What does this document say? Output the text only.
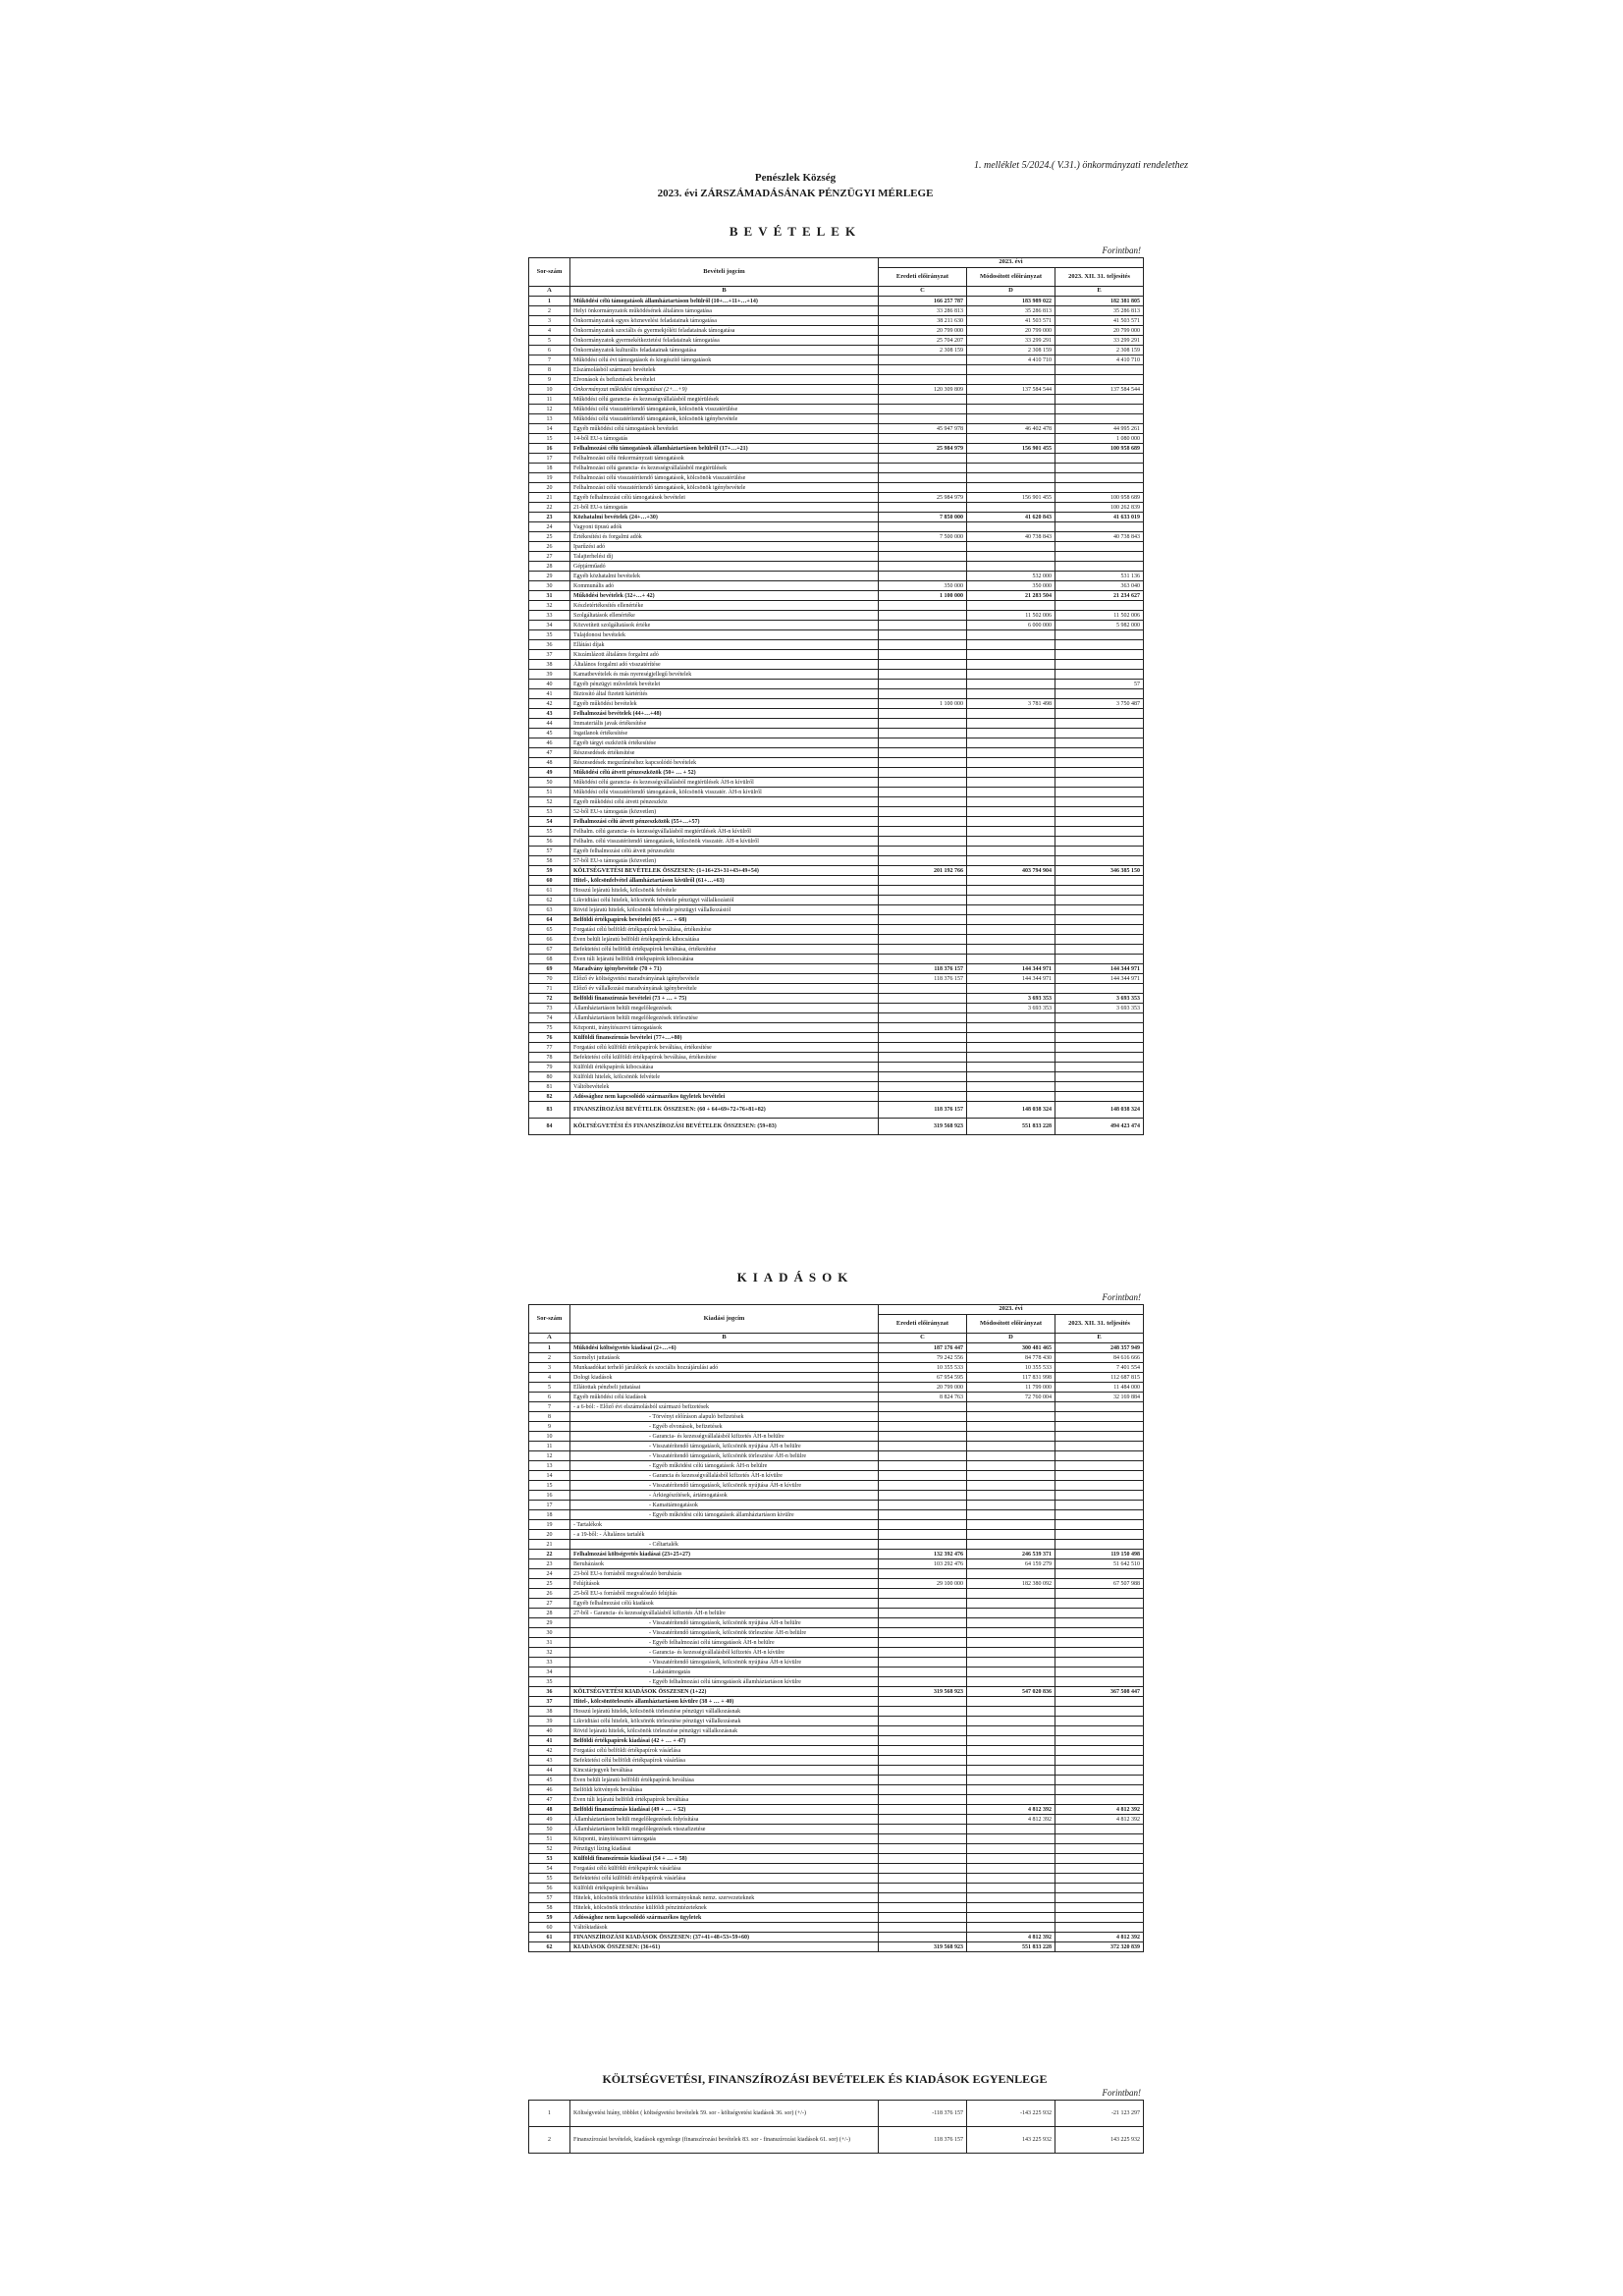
1. melléklet 5/2024.( V.31.) önkormányzati rendelethez
Penészlek Község
2023. évi ZÁRSZÁMADÁSÁNAK PÉNZÜGYI MÉRLEGE
BEVÉTELEK
Forintban!
Sor-szám	Bevételi jogcím	2023. évi		
		Eredeti előirányzat	Módosított előirányzat	2023. XII. 31. teljesítés
A	B	C	D	E
1	Működési célú támogatások államháztartáson belülről (10+…+11+…+14)	166 257 787	183 989 022	182 381 805
2	Helyi önkormányzatok működésének általános támogatása	33 286 813	35 286 813	35 286 813
3	Önkormányzatok egyes köznevelési feladatainak támogatása	38 211 630	41 503 571	41 503 571
4	Önkormányzatok szociális és gyermekjóléti feladatainak támogatása	20 799 000	20 799 000	20 799 000
5	Önkormányzatok gyermekétkeztetési feladatainak támogatása	25 704 207	33 299 291	33 299 291
6	Önkormányzatok kulturális feladatainak támogatása	2 308 159	2 308 159	2 308 159
7	Működési célú évi támogatások és kiegészítő támogatások		4 410 710	4 410 710
8	Elszámolásból származó bevételek			
9	Elvonások és befizetések bevételei			
10	Önkormányzat működési támogatásai (2+…+9)	120 309 809	137 584 544	137 584 544
11	Működési célú garancia- és kezességvállalásból megtérülések			
12	Működési célú visszatérítendő támogatások, kölcsönök visszatérülése			
13	Működési célú visszatérítendő támogatások, kölcsönök igénybevétele			
14	Egyéb működési célú támogatások bevételei	45 947 978	46 402 478	44 995 261
15	14-ből EU-s támogatás			1 080 000
16	Felhalmozási célú támogatások államháztartáson belülről (17+…+21)	25 984 979	156 901 455	100 958 689
17	Felhalmozási célú önkormányzati támogatások			
18	Felhalmozási célú garancia- és kezességvállalásból megtérülések			
19	Felhalmozási célú visszatérítendő támogatások, kölcsönök visszatérülése			
20	Felhalmozási célú visszatérítendő támogatások, kölcsönök igénybevétele			
21	Egyéb felhalmozási célú támogatások bevételei	25 984 979	156 901 455	100 958 689
22	21-ből EU-s támogatás			100 262 839
23	Közhatalmi bevételek (24+…+30)	7 850 000	41 620 843	41 633 019
24	Vagyoni tipusú adók			
25	Értékesítési és forgalmi adók	7 500 000	40 738 843	40 738 843
26	Iparűzési adó			
27	Talajterhelési díj			
28	Gépjárműadó			
29	Egyéb közhatalmi bevételek		532 000	531 136
30	Kommunális adó	350 000	350 000	363 040
31	Működési bevételek (32+…+ 42)	1 100 000	21 283 504	21 234 627
32	Készletértékesítés ellenértéke			
33	Szolgáltatások ellenértéke		11 502 006	11 502 006
34	Közvetített szolgáltatások értéke		6 000 000	5 982 000
35	Tulajdonosi bevételek			
36	Ellátási díjak			
37	Kiszámlázott általános forgalmi adó			
38	Általános forgalmi adó visszatérítése			
39	Kamatbevételek és más nyereségjellegű bevételek			
40	Egyéb pénzügyi műveletek bevételei			57
41	Biztosító által fizetett kártérítés			
42	Egyéb működési bevételek	1 100 000	3 781 498	3 750 487
43	Felhalmozási bevételek (44+…+48)			
44	Immateriális javak értékesítése			
45	Ingatlanok értékesítése			
46	Egyéb tárgyi eszközök értékesítése			
47	Részesedések értékesítése			
48	Részesedések megszűnéséhez kapcsolódó bevételek			
49	Működési célú átvett pénzeszközök (50+ … + 52)			
50	Működési célú garancia- és kezességvállalásból megtérülések ÁH-n kívülről			
51	Működési célú visszatérítendő támogatások, kölcsönök visszatér. ÁH-n kívülről			
52	Egyéb működési célú átvett pénzeszköz			
53	52-ből EU-s támogatás (közvetlen)			
54	Felhalmozási célú átvett pénzeszközök (55+…+57)			
55	Felhalm. célú garancia- és kezességvállalásból megtérülések ÁH-n kívülről			
56	Felhalm. célú visszatérítendő támogatások, kölcsönök visszatér. ÁH-n kívülről			
57	Egyéb felhalmozási célú átvett pénzeszköz			
58	57-ből EU-s támogatás (közvetlen)			
59	KÖLTSÉGVETÉSI BEVÉTELEK ÖSSZESEN: (1+16+23+31+43+49+54)	201 192 766	403 794 904	346 385 150
60	Hitel-, kölcsönfelvétel államháztartáson kívülről (61+…+63)			
61	Hosszú lejáratú hitelek, kölcsönök felvétele			
62	Likviditási célú hitelek, kölcsönök felvétele pénzügyi vállalkozástól			
63	Rövid lejáratú hitelek, kölcsönök felvétele pénzügyi vállalkozástól			
64	Belföldi értékpapírok bevételei (65 + … + 68)			
65	Forgatási célú belföldi értékpapírok beváltása, értékesítése			
66	Éven belüli lejáratú belföldi értékpapírok kibocsátása			
67	Befektetési célú belföldi értékpapírok beváltása, értékesítése			
68	Éven túli lejáratú belföldi értékpapírok kibocsátása			
69	Maradvány igénybevétele (70 + 71)	118 376 157	144 344 971	144 344 971
70	Előző év költségvetési maradványának igénybevétele	118 376 157	144 344 971	144 344 971
71	Előző év vállalkozási maradványának igénybevétele			
72	Belföldi finanszírozás bevételei (73 + … + 75)		3 693 353	3 693 353
73	Államháztartáson belüli megelőlegezések		3 693 353	3 693 353
74	Államháztartáson belüli megelőlegezések törlesztése			
75	Központi, irányítószervi támogatások			
76	Külföldi finanszírozás bevételei (77+…+80)			
77	Forgatási célú külföldi értékpapírok beváltása, értékesítése			
78	Befektetési célú külföldi értékpapírok beváltása, értékesítése			
79	Külföldi értékpapírok kibocsátása			
80	Külföldi hitelek, kölcsönök felvétele			
81	Váltóbevételek			
82	Adóssághoz nem kapcsolódó származékos ügyletek bevételei			
83	FINANSZÍROZÁSI BEVÉTELEK ÖSSZESEN: (60 + 64+69+72+76+81+82)	118 376 157	148 038 324	148 038 324
84	KÖLTSÉGVETÉSI ÉS FINANSZÍROZÁSI BEVÉTELEK ÖSSZESEN: (59+83)	319 568 923	551 833 228	494 423 474
KIADÁSOK
Forintban!
Sor-szám	Kiadási jogcím	2023. évi		
		Eredeti előirányzat	Módosított előirányzat	2023. XII. 31. teljesítés
A	B	C	D	E
1	Működési költségvetés kiadásai (2+…+6)	187 176 447	300 481 465	248 357 949
2	Személyi juttatások	79 242 556	84 778 430	84 616 666
3	Munkaadókat terhelő járulékok és szociális hozzájárulási adó	10 355 533	10 355 533	7 401 554
4	Dologi kiadások	67 954 595	117 831 998	112 687 815
5	Ellátottak pénzbeli juttatásai	20 799 000	11 799 000	11 484 000
6	Egyéb működési célú kiadások	8 824 763	72 760 004	32 169 884
7	- a 6-ból: - Előző évi elszámolásból származó befizetések			
8	- Törvényi előíráson alapuló befizetések			
9	- Egyéb elvonások, befizetések			
10	- Garancia- és kezességvállalásból kifizetés ÁH-n belülre			
11	- Visszatérítendő támogatások, kölcsönök nyújtása ÁH-n belülre			
12	- Visszatérítendő támogatások, kölcsönök törlesztése ÁH-n belülre			
13	- Egyéb működési célú támogatások ÁH-n belülre			
14	- Garancia és kezességvállalásból kifizetés ÁH-n kívülre			
15	- Visszatérítendő támogatások, kölcsönök nyújtása ÁH-n kívülre			
16	- Árkiegészítések, ártámogatások			
17	- Kamattámogatások			
18	- Egyéb működési célú támogatások államháztartáson kívülre			
19	- Tartalékok			
20	- a 19-ből: - Általános tartalék			
21	- Céltartalék			
22	Felhalmozási költségvetés kiadásai (23+25+27)	132 392 476	246 539 371	119 150 498
23	Beruházások	103 292 476	64 159 279	51 642 510
24	23-ból EU-s forrásból megvalósuló beruházás			
25	Felújítások	29 100 000	182 380 092	67 507 988
26	25-ből EU-s forrásból megvalósuló felújítás			
27	Egyéb felhalmozási célú kiadások			
28	27-ből - Garancia- és kezességvállalásból kifizetés ÁH-n belülre			
29	- Visszatérítendő támogatások, kölcsönök nyújtása ÁH-n belülre			
30	- Visszatérítendő támogatások, kölcsönök törlesztése ÁH-n belülre			
31	- Egyéb felhalmozási célú támogatások ÁH-n belülre			
32	- Garancia- és kezességvállalásból kifizetés ÁH-n kívülre			
33	- Visszatérítendő támogatások, kölcsönök nyújtása ÁH-n kívülre			
34	- Lakástámogatás			
35	- Egyéb felhalmozási célú támogatások államháztartáson kívülre			
36	KÖLTSÉGVETÉSI KIADÁSOK ÖSSZESEN (1+22)	319 568 923	547 020 836	367 508 447
37	Hitel-, kölcsöntörlesztés államháztartáson kívülre (38 + … + 40)			
38	Hosszú lejáratú hitelek, kölcsönök törlesztése pénzügyi vállalkozásnak			
39	Likviditási célú hitelek, kölcsönök törlesztése pénzügyi vállalkozásnak			
40	Rövid lejáratú hitelek, kölcsönök törlesztése pénzügyi vállalkozásnak			
41	Belföldi értékpapírok kiadásai (42 + … + 47)			
42	Forgatási célú belföldi értékpapírok vásárlása			
43	Befektetési célú belföldi értékpapírok vásárlása			
44	Kincstárjegyek beváltása			
45	Éven belüli lejáratú belföldi értékpapírok beváltása			
46	Belföldi kötvények beváltása			
47	Éven túli lejáratú belföldi értékpapírok beváltása			
48	Belföldi finanszírozás kiadásai (49 + … + 52)		4 812 392	4 812 392
49	Államháztartáson belüli megelőlegezések folyósítása		4 812 392	4 812 392
50	Államháztartáson belüli megelőlegezések visszafizetése			
51	Központi, irányítószervi támogatás			
52	Pénzügyi lízing kiadásai			
53	Külföldi finanszírozás kiadásai (54 + … + 58)			
54	Forgatási célú külföldi értékpapírok vásárlása			
55	Befektetési célú külföldi értékpapírok vásárlása			
56	Külföldi értékpapírok beváltása			
57	Hitelek, kölcsönök törlesztése külföldi kormányoknak nemz. szervezeteknek			
58	Hitelek, kölcsönök törlesztése külföldi pénzintézeteknek			
59	Adóssághoz nem kapcsolódó származékos ügyletek			
60	Váltókiadások			
61	FINANSZÍROZÁSI KIADÁSOK ÖSSZESEN: (37+41+48+53+59+60)		4 812 392	4 812 392
62	KIADÁSOK ÖSSZESEN: (36+61)	319 568 923	551 833 228	372 320 839
KÖLTSÉGVETÉSI, FINANSZÍROZÁSI BEVÉTELEK ÉS KIADÁSOK EGYENLEGE
Forintban!
1	Költségvetési hiány, többlet ( költségvetési bevételek 59. sor - költségvetési kiadások 36. sor) (+/-)	-118 376 157	-143 225 932	-21 123 297
2	Finanszírozási bevételek, kiadások egyenlege (finanszírozási bevételek 83. sor - finanszírozási kiadások 61. sor) (+/-)	118 376 157	143 225 932	143 225 932
